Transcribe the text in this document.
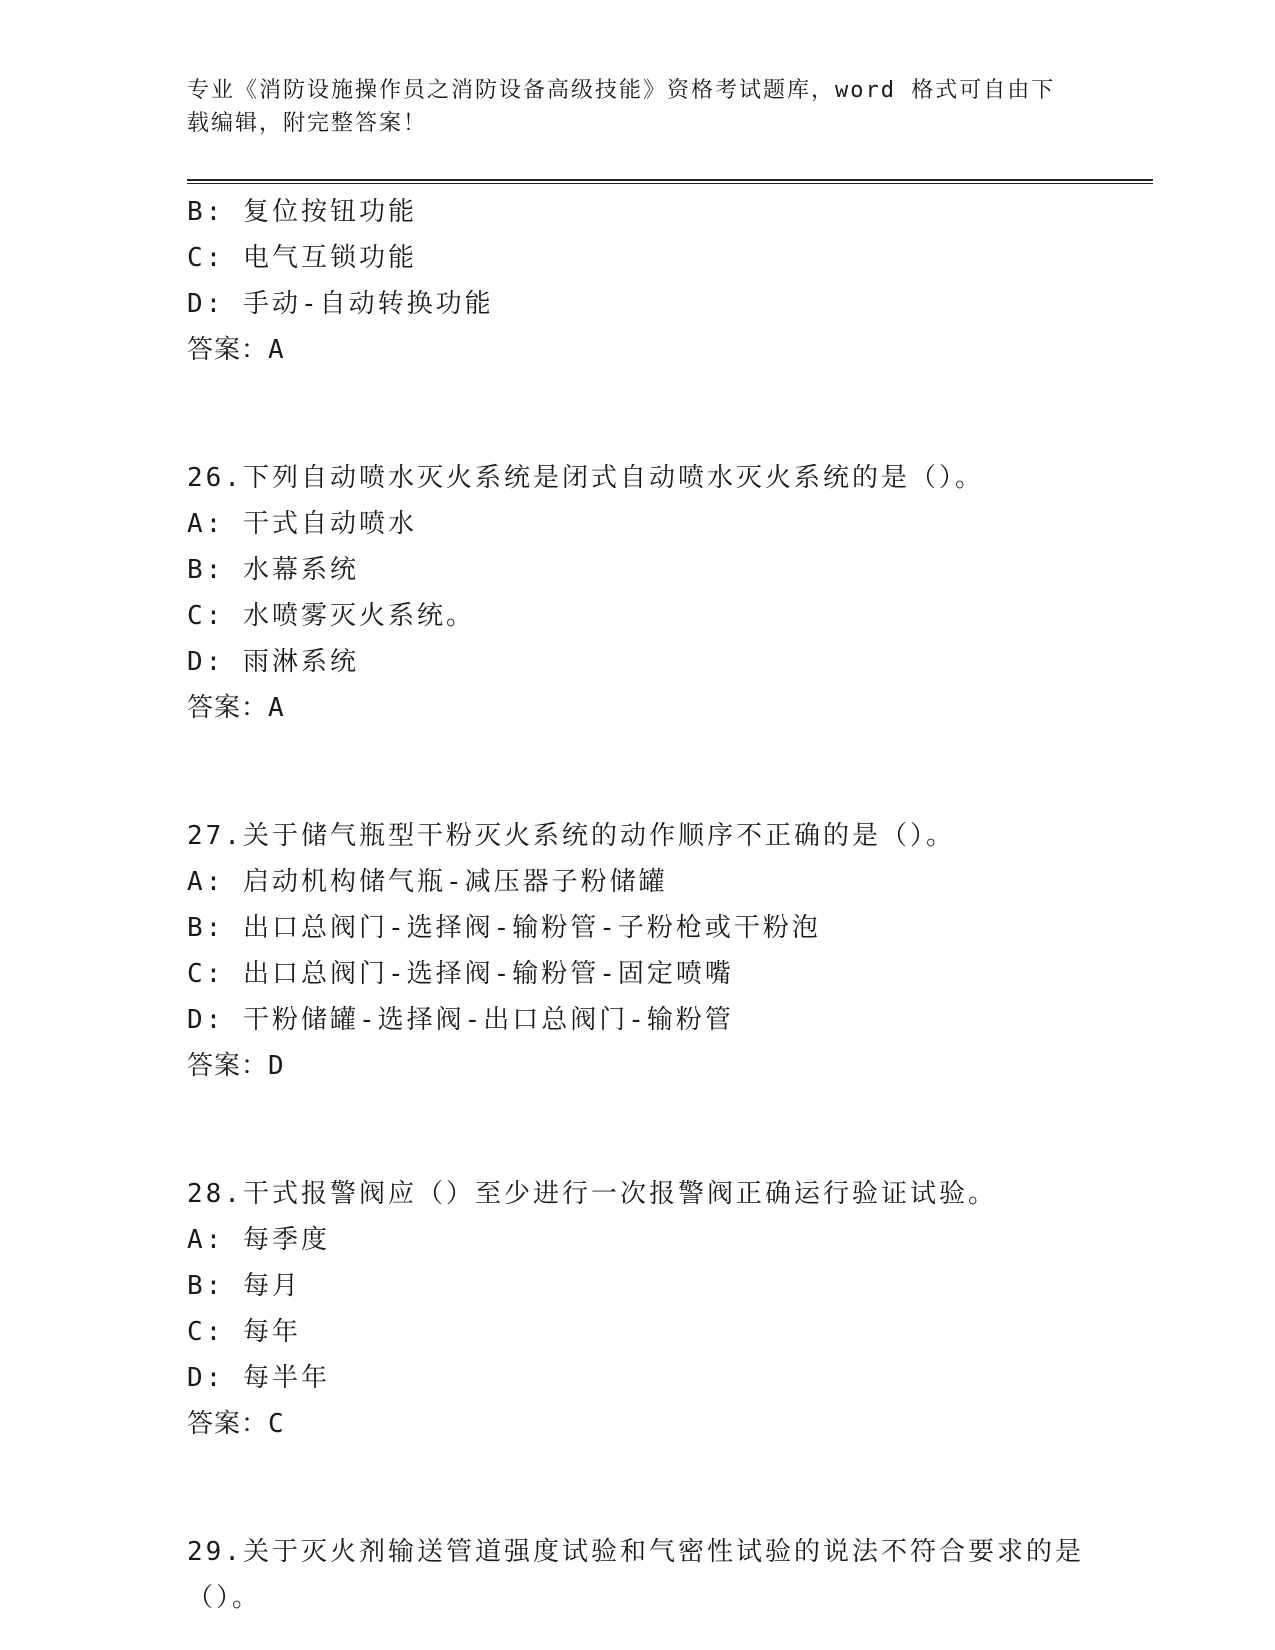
专业《消防设施操作员之消防设备高级技能》资格考试题库，word 格式可自由下
载编辑，附完整答案！
B: 复位按钮功能
C: 电气互锁功能
D: 手动-自动转换功能
答案：A
26.下列自动喷水灭火系统是闭式自动喷水灭火系统的是（）。
A: 干式自动喷水
B: 水幕系统
C: 水喷雾灭火系统。
D: 雨淋系统
答案：A
27.关于储气瓶型干粉灭火系统的动作顺序不正确的是（）。
A: 启动机构储气瓶-减压器子粉储罐
B: 出口总阀门-选择阀-输粉管-子粉枪或干粉泡
C: 出口总阀门-选择阀-输粉管-固定喷嘴
D: 干粉储罐-选择阀-出口总阀门-输粉管
答案：D
28.干式报警阀应（）至少进行一次报警阀正确运行验证试验。
A: 每季度
B: 每月
C: 每年
D: 每半年
答案：C
29.关于灭火剂输送管道强度试验和气密性试验的说法不符合要求的是
（）。
